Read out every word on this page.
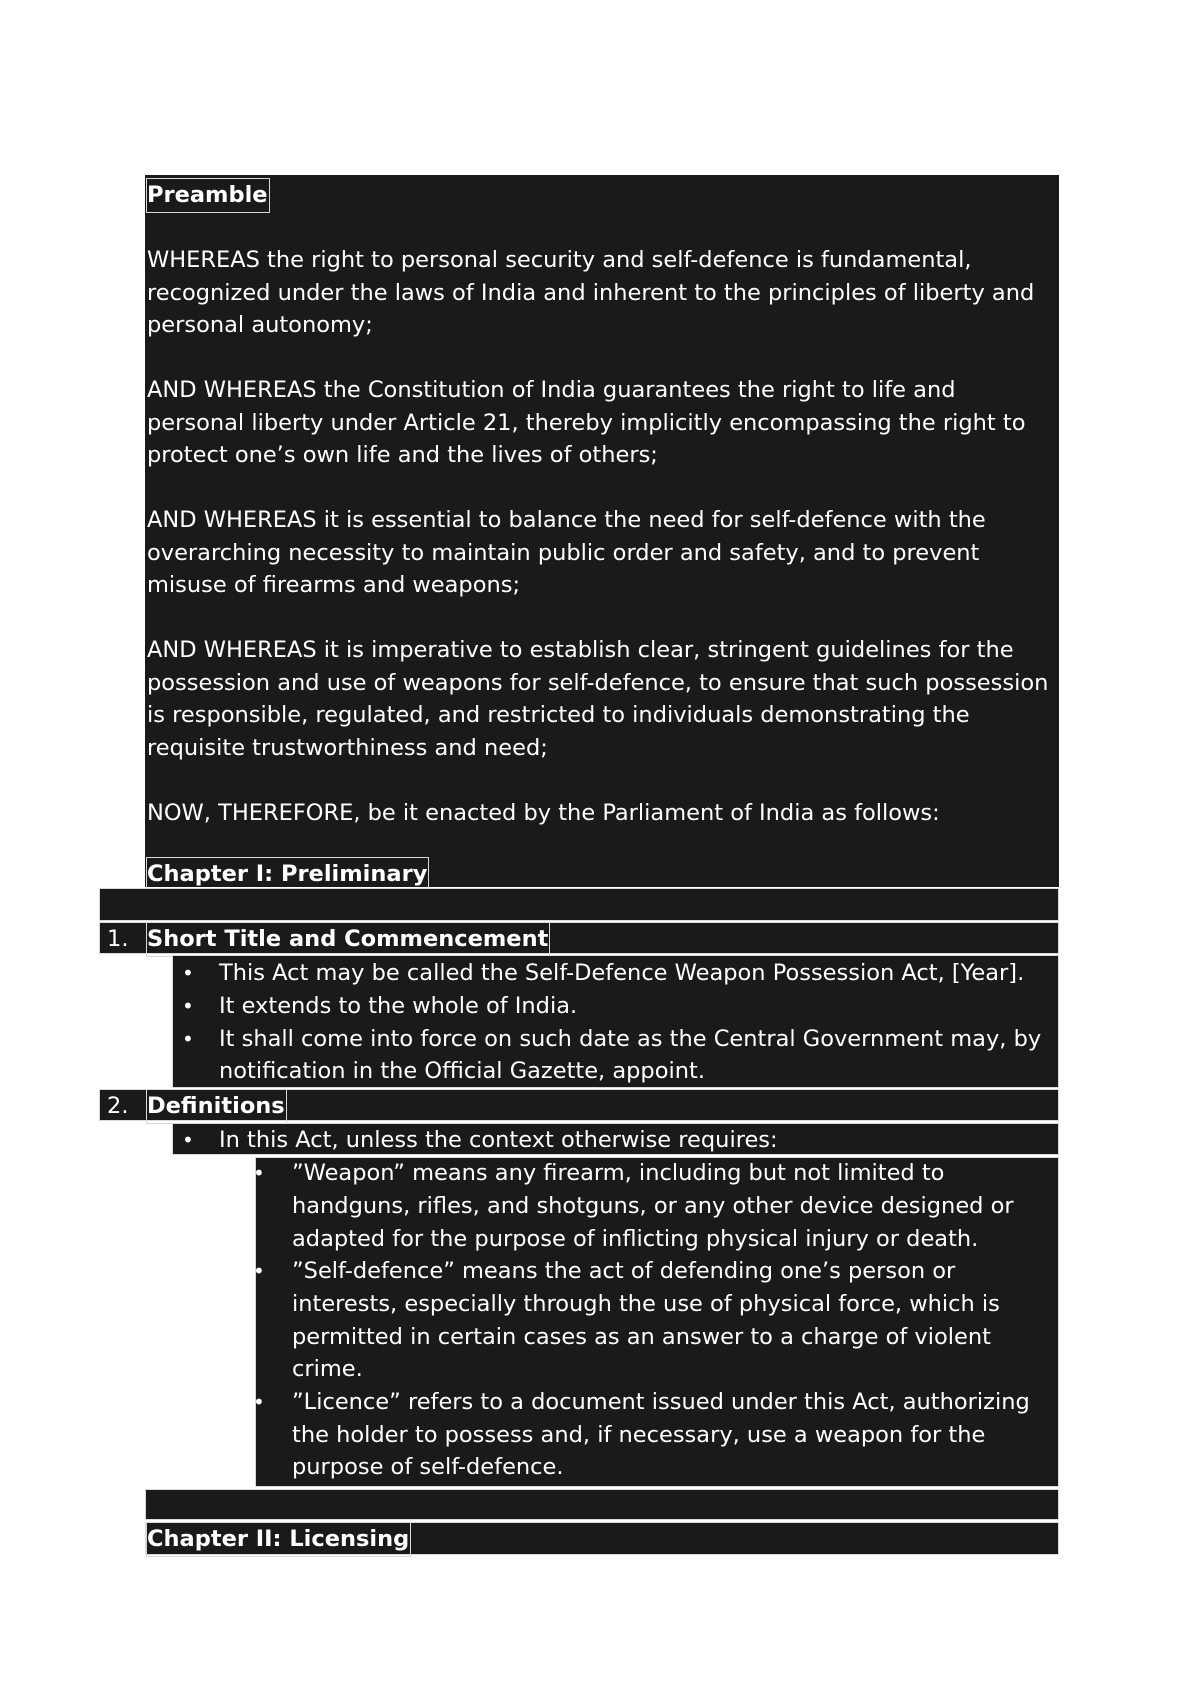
Preamble
WHEREAS the right to personal security and self-defence is fundamental,
recognized under the laws of India and inherent to the principles of liberty and
personal autonomy;
AND WHEREAS the Constitution of India guarantees the right to life and
personal liberty under Article 21, thereby implicitly encompassing the right to
protect one’s own life and the lives of others;
AND WHEREAS it is essential to balance the need for self-defence with the
overarching necessity to maintain public order and safety, and to prevent
misuse of firearms and weapons;
AND WHEREAS it is imperative to establish clear, stringent guidelines for the
possession and use of weapons for self-defence, to ensure that such possession
is responsible, regulated, and restricted to individuals demonstrating the
requisite trustworthiness and need;
NOW, THEREFORE, be it enacted by the Parliament of India as follows:
Chapter I: Preliminary
1. Short Title and Commencement
• This Act may be called the Self-Defence Weapon Possession Act, [Year].
• It extends to the whole of India.
• It shall come into force on such date as the Central Government may, by
notification in the Official Gazette, appoint.
2. Definitions
• In this Act, unless the context otherwise requires:
• ”Weapon” means any firearm, including but not limited to
handguns, rifles, and shotguns, or any other device designed or
adapted for the purpose of inflicting physical injury or death.
• ”Self-defence” means the act of defending one’s person or
interests, especially through the use of physical force, which is
permitted in certain cases as an answer to a charge of violent
crime.
• ”Licence” refers to a document issued under this Act, authorizing
the holder to possess and, if necessary, use a weapon for the
purpose of self-defence.
Chapter II: Licensing
